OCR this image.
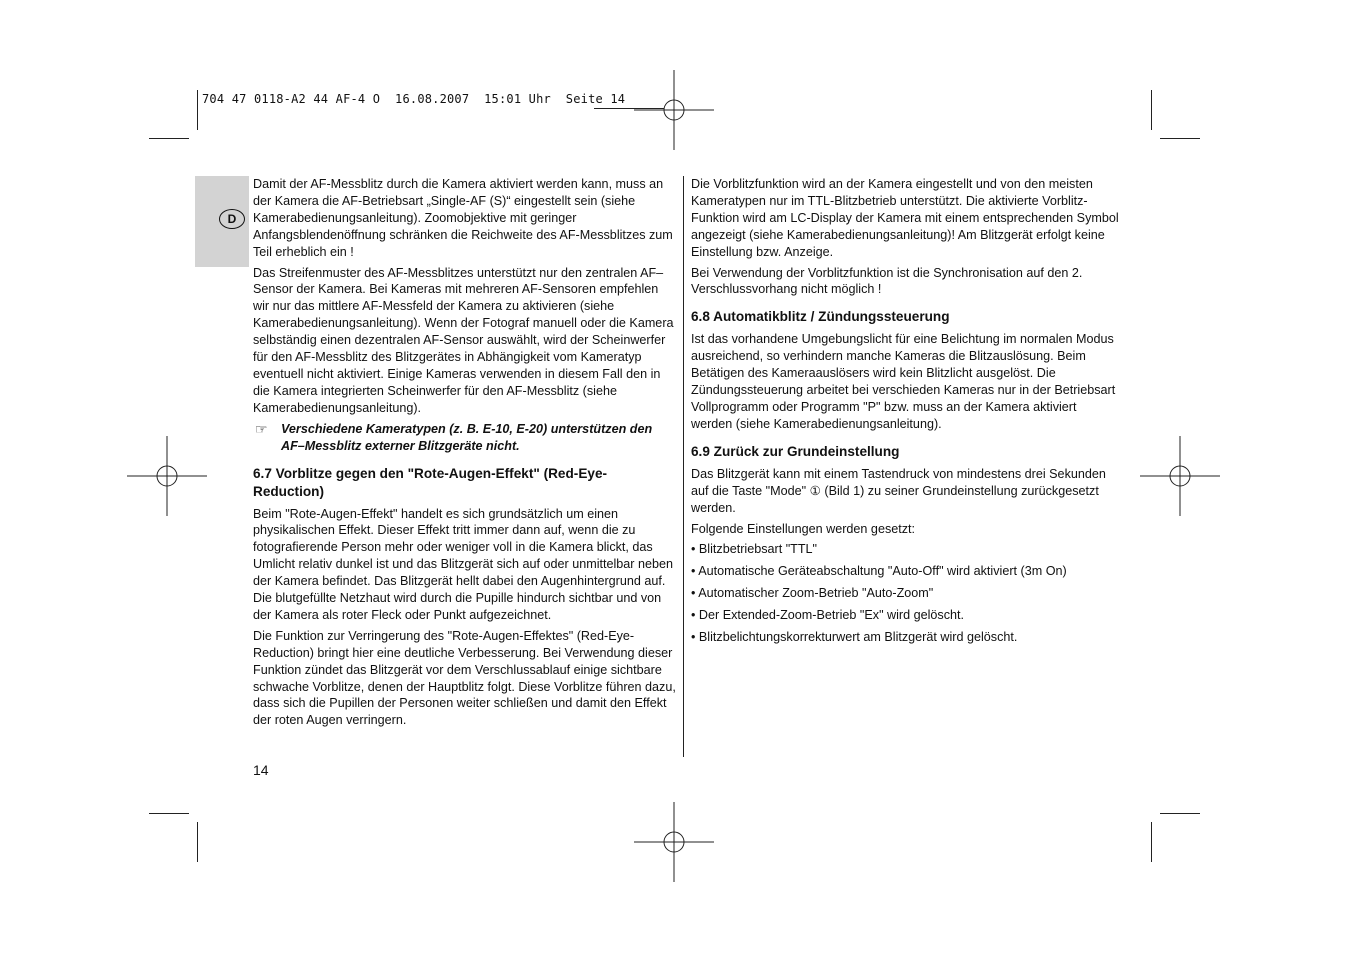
704 47 0118-A2 44 AF-4 O  16.08.2007  15:01 Uhr  Seite 14
D

Damit der AF-Messblitz durch die Kamera aktiviert werden kann, muss an der Kamera die AF-Betriebsart „Single-AF (S)“ eingestellt sein (siehe Kamerabedienungsanleitung). Zoomobjektive mit geringer Anfangsblendenöffnung schränken die Reichweite des AF-Messblitzes zum Teil erheblich ein !

Das Streifenmuster des AF-Messblitzes unterstützt nur den zentralen AF–Sensor der Kamera. Bei Kameras mit mehreren AF-Sensoren empfehlen wir nur das mittlere AF-Messfeld der Kamera zu aktivieren (siehe Kamerabedienungsanleitung). Wenn der Fotograf manuell oder die Kamera selbständig einen dezentralen AF-Sensor auswählt, wird der Scheinwerfer für den AF-Messblitz des Blitzgerätes in Abhängigkeit vom Kameratyp eventuell nicht aktiviert. Einige Kameras verwenden in diesem Fall den in die Kamera integrierten Scheinwerfer für den AF-Messblitz (siehe Kamerabedienungsanleitung).

☞ Verschiedene Kameratypen (z. B. E-10, E-20) unterstützen den AF–Messblitz externer Blitzgeräte nicht.
6.7 Vorblitze gegen den "Rote-Augen-Effekt" (Red-Eye-Reduction)

Beim "Rote-Augen-Effekt" handelt es sich grundsätzlich um einen physikalischen Effekt. Dieser Effekt tritt immer dann auf, wenn die zu fotografierende Person mehr oder weniger voll in die Kamera blickt, das Umlicht relativ dunkel ist und das Blitzgerät sich auf oder unmittelbar neben der Kamera befindet. Das Blitzgerät hellt dabei den Augenhintergrund auf. Die blutgefüllte Netzhaut wird durch die Pupille hindurch sichtbar und von der Kamera als roter Fleck oder Punkt aufgezeichnet.

Die Funktion zur Verringerung des "Rote-Augen-Effektes" (Red-Eye-Reduction) bringt hier eine deutliche Verbesserung. Bei Verwendung dieser Funktion zündet das Blitzgerät vor dem Verschlussablauf einige sichtbare schwache Vorblitze, denen der Hauptblitz folgt. Diese Vorblitze führen dazu, dass sich die Pupillen der Personen weiter schließen und damit den Effekt der roten Augen verringern.

Die Vorblitzfunktion wird an der Kamera eingestellt und von den meisten Kameratypen nur im TTL-Blitzbetrieb unterstützt. Die aktivierte Vorblitz-Funktion wird am LC-Display der Kamera mit einem entsprechenden Symbol angezeigt (siehe Kamerabedienungsanleitung)! Am Blitzgerät erfolgt keine Einstellung bzw. Anzeige.

Bei Verwendung der Vorblitzfunktion ist die Synchronisation auf den 2. Verschlussvorhang nicht möglich !

6.8 Automatikblitz / Zündungssteuerung

Ist das vorhandene Umgebungslicht für eine Belichtung im normalen Modus ausreichend, so verhindern manche Kameras die Blitzauslösung. Beim Betätigen des Kameraauslösers wird kein Blitzlicht ausgelöst. Die Zündungssteuerung arbeitet bei verschieden Kameras nur in der Betriebsart Vollprogramm oder Programm "P" bzw. muss an der Kamera aktiviert werden (siehe Kamerabedienungsanleitung).

6.9 Zurück zur Grundeinstellung

Das Blitzgerät kann mit einem Tastendruck von mindestens drei Sekunden auf die Taste "Mode" ① (Bild 1) zu seiner Grundeinstellung zurückgesetzt werden.

Folgende Einstellungen werden gesetzt:

• Blitzbetriebsart "TTL"
• Automatische Geräteabschaltung "Auto-Off" wird aktiviert (3m On)
• Automatischer Zoom-Betrieb "Auto-Zoom"
• Der Extended-Zoom-Betrieb "Ex" wird gelöscht.
• Blitzbelichtungskorrekturwert am Blitzgerät wird gelöscht.
14
